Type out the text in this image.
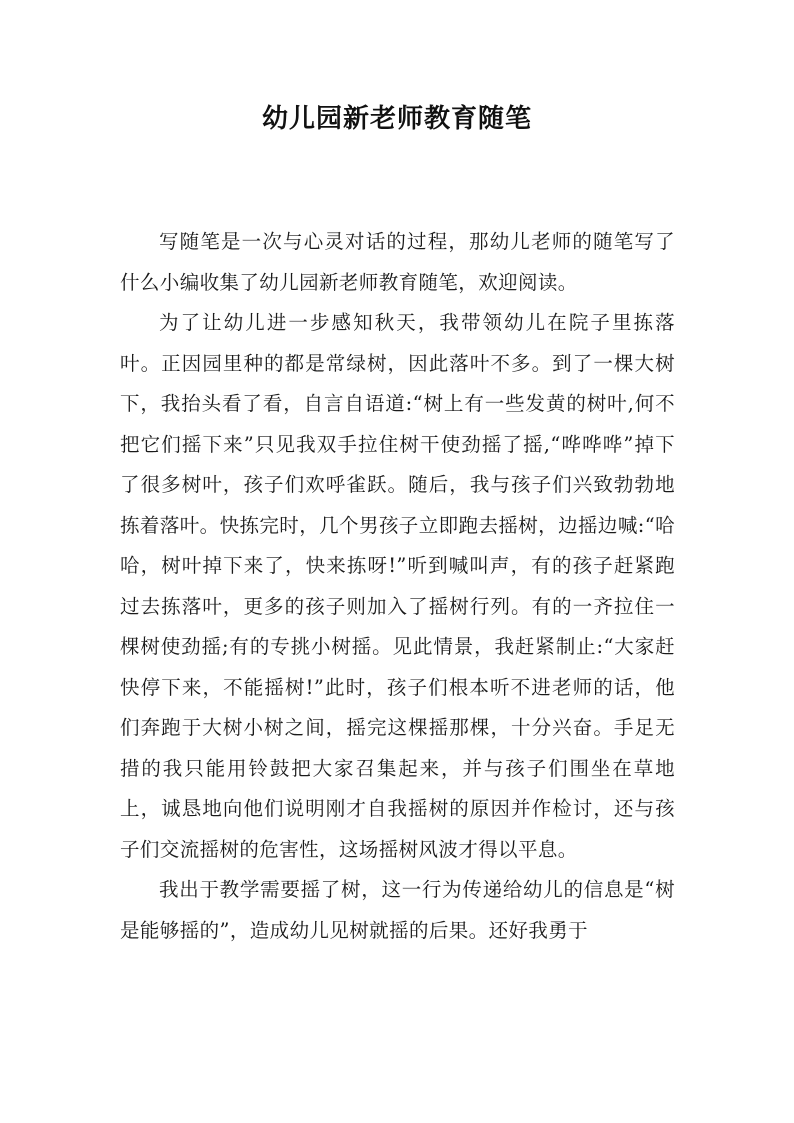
幼儿园新老师教育随笔

写随笔是一次与心灵对话的过程，那幼儿老师的随笔写了什么小编收集了幼儿园新老师教育随笔，欢迎阅读。

为了让幼儿进一步感知秋天，我带领幼儿在院子里拣落叶。正因园里种的都是常绿树，因此落叶不多。到了一棵大树下，我抬头看了看，自言自语道:“树上有一些发黄的树叶,何不把它们摇下来”只见我双手拉住树干使劲摇了摇,“哗哗哗”掉下了很多树叶，孩子们欢呼雀跃。随后，我与孩子们兴致勃勃地拣着落叶。快拣完时，几个男孩子立即跑去摇树，边摇边喊:“哈哈，树叶掉下来了，快来拣呀!”听到喊叫声，有的孩子赶紧跑过去拣落叶，更多的孩子则加入了摇树行列。有的一齐拉住一棵树使劲摇;有的专挑小树摇。见此情景，我赶紧制止:“大家赶快停下来，不能摇树!”此时，孩子们根本听不进老师的话，他们奔跑于大树小树之间，摇完这棵摇那棵，十分兴奋。手足无措的我只能用铃鼓把大家召集起来，并与孩子们围坐在草地上，诚恳地向他们说明刚才自我摇树的原因并作检讨，还与孩子们交流摇树的危害性，这场摇树风波才得以平息。

我出于教学需要摇了树，这一行为传递给幼儿的信息是“树是能够摇的”，造成幼儿见树就摇的后果。还好我勇于
